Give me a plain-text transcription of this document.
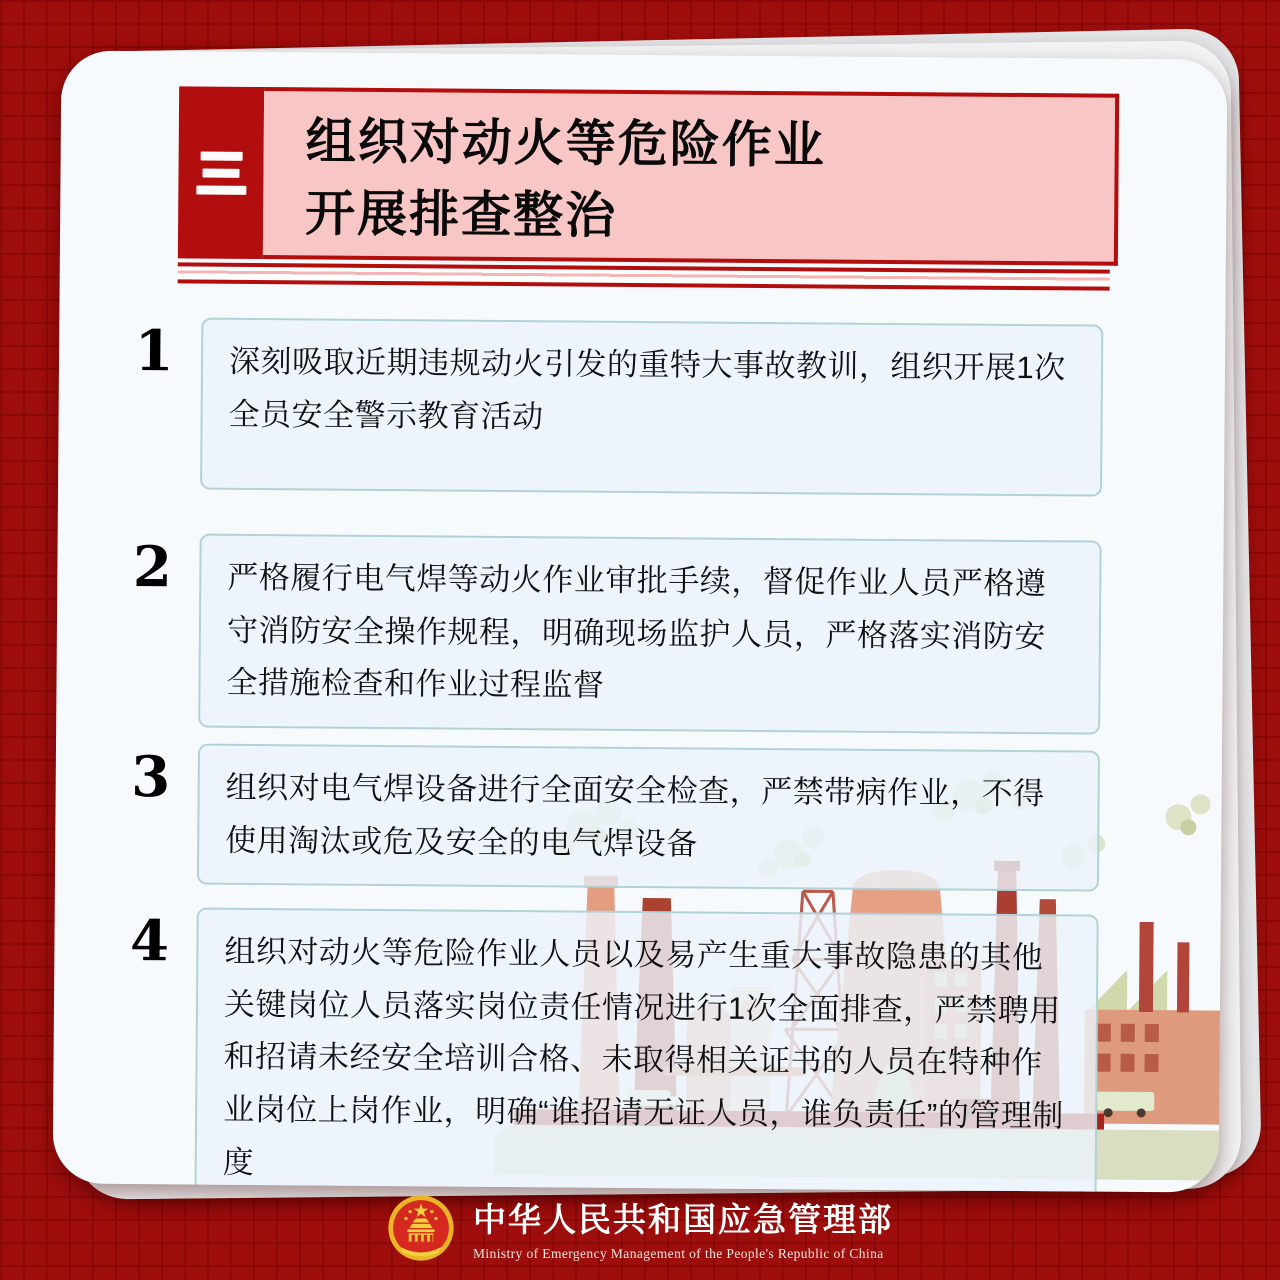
组织对动火等危险作业
开展排查整治
1	深刻吸取近期违规动火引发的重特大事故教训，组织开展1次全员安全警示教育活动
2	严格履行电气焊等动火作业审批手续，督促作业人员严格遵守消防安全操作规程，明确现场监护人员，严格落实消防安全措施检查和作业过程监督
3	组织对电气焊设备进行全面安全检查，严禁带病作业，不得使用淘汰或危及安全的电气焊设备
4	组织对动火等危险作业人员以及易产生重大事故隐患的其他关键岗位人员落实岗位责任情况进行1次全面排查，严禁聘用和招请未经安全培训合格、未取得相关证书的人员在特种作业岗位上岗作业，明确“谁招请无证人员，谁负责任”的管理制度
中华人民共和国应急管理部
Ministry of Emergency Management of the People's Republic of China
